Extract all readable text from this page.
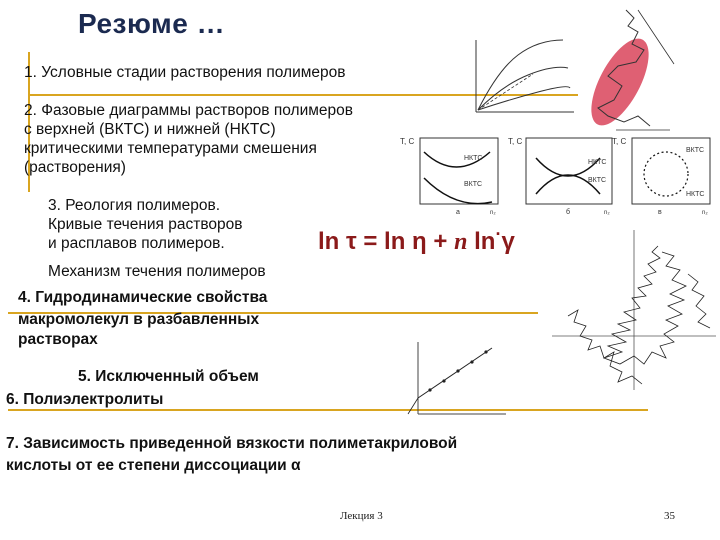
Резюме …
1. Условные стадии растворения полимеров
2. Фазовые диаграммы растворов полимеров
с верхней (ВКТС) и нижней (НКТС)
критическими температурами смешения
(растворения)
3. Реология полимеров.
Кривые течения растворов
и расплавов полимеров.
Механизм течения полимеров
4. Гидродинамические свойства
макромолекул в разбавленных
растворах
5. Исключенный объем
6. Полиэлектролиты
7. Зависимость приведенной вязкости полиметакриловой
кислоты от ее степени диссоциации α
ln τ = ln η + n ln·γ
Лекция 3	35
T, C
НКТС
ВКТС
а	n₂
T, C
НКТС
ВКТС
б	n₂
T, C
ВКТС
НКТС
в	n₂
